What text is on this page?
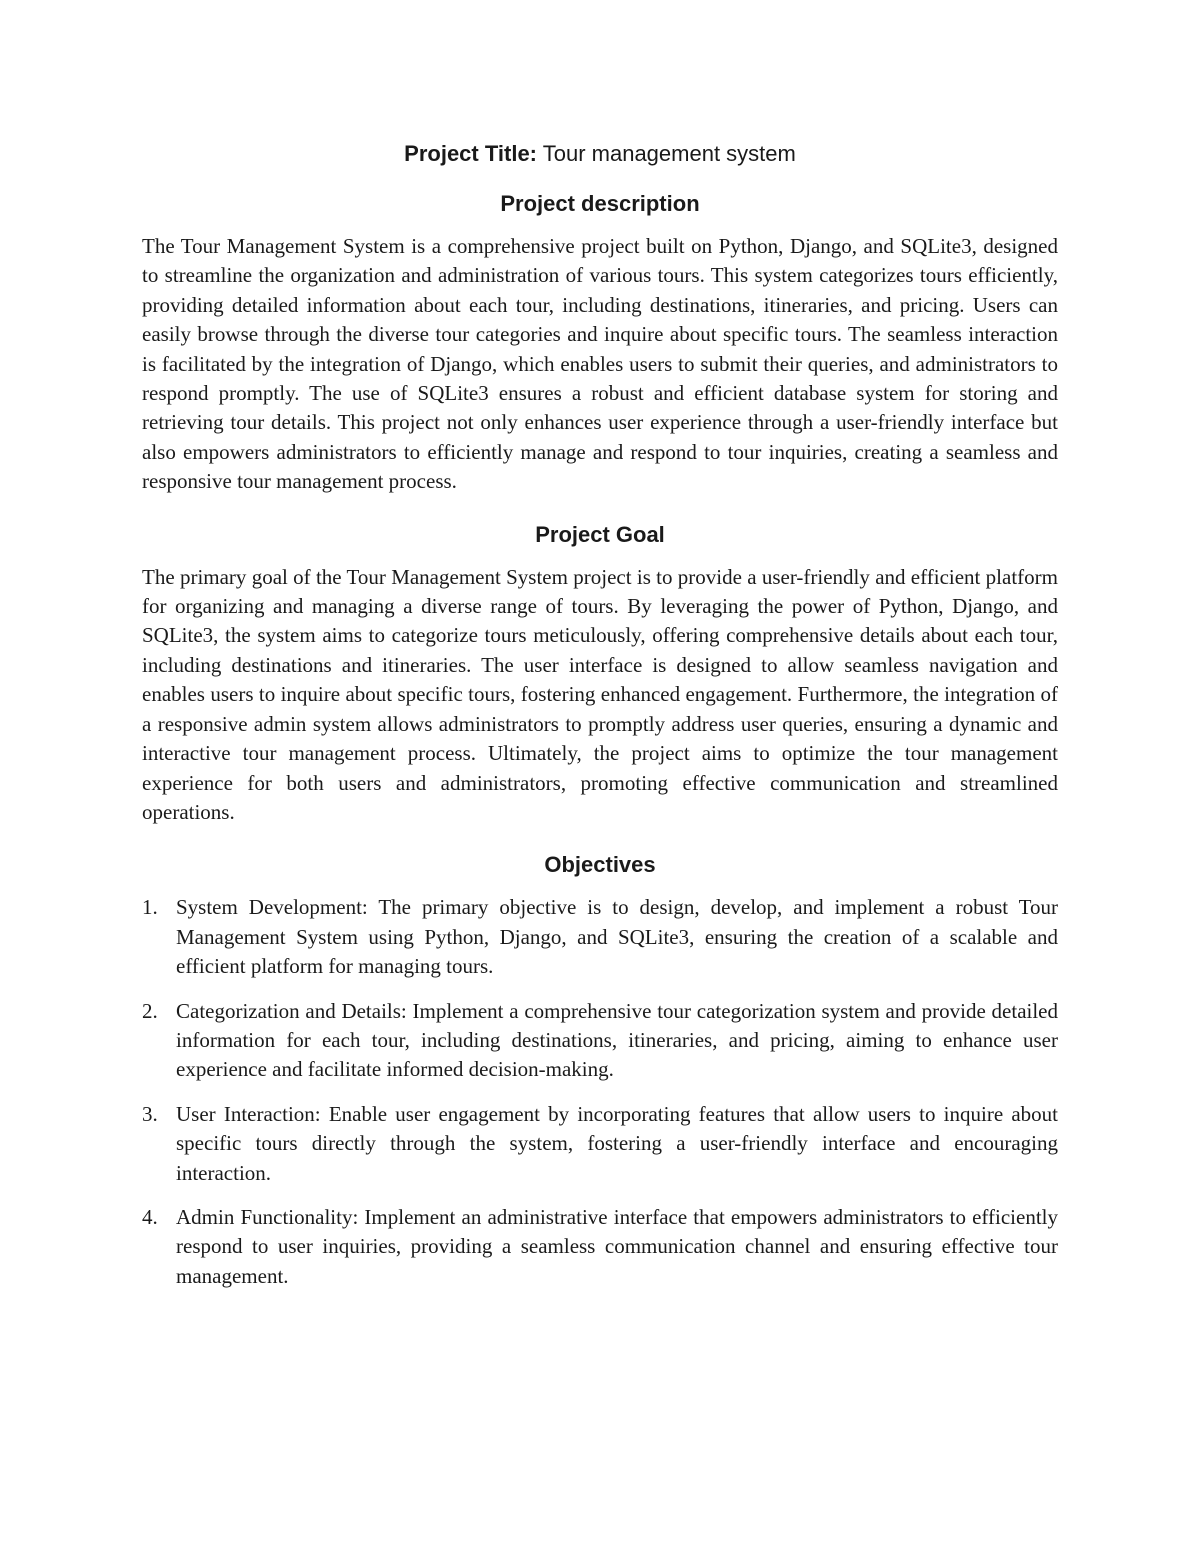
Project Title: Tour management system

Project description

The Tour Management System is a comprehensive project built on Python, Django, and SQLite3, designed to streamline the organization and administration of various tours. This system categorizes tours efficiently, providing detailed information about each tour, including destinations, itineraries, and pricing. Users can easily browse through the diverse tour categories and inquire about specific tours. The seamless interaction is facilitated by the integration of Django, which enables users to submit their queries, and administrators to respond promptly. The use of SQLite3 ensures a robust and efficient database system for storing and retrieving tour details. This project not only enhances user experience through a user-friendly interface but also empowers administrators to efficiently manage and respond to tour inquiries, creating a seamless and responsive tour management process.

Project Goal

The primary goal of the Tour Management System project is to provide a user-friendly and efficient platform for organizing and managing a diverse range of tours. By leveraging the power of Python, Django, and SQLite3, the system aims to categorize tours meticulously, offering comprehensive details about each tour, including destinations and itineraries. The user interface is designed to allow seamless navigation and enables users to inquire about specific tours, fostering enhanced engagement. Furthermore, the integration of a responsive admin system allows administrators to promptly address user queries, ensuring a dynamic and interactive tour management process. Ultimately, the project aims to optimize the tour management experience for both users and administrators, promoting effective communication and streamlined operations.

Objectives
1. System Development: The primary objective is to design, develop, and implement a robust Tour Management System using Python, Django, and SQLite3, ensuring the creation of a scalable and efficient platform for managing tours.
2. Categorization and Details: Implement a comprehensive tour categorization system and provide detailed information for each tour, including destinations, itineraries, and pricing, aiming to enhance user experience and facilitate informed decision-making.
3. User Interaction: Enable user engagement by incorporating features that allow users to inquire about specific tours directly through the system, fostering a user-friendly interface and encouraging interaction.
4. Admin Functionality: Implement an administrative interface that empowers administrators to efficiently respond to user inquiries, providing a seamless communication channel and ensuring effective tour management.
